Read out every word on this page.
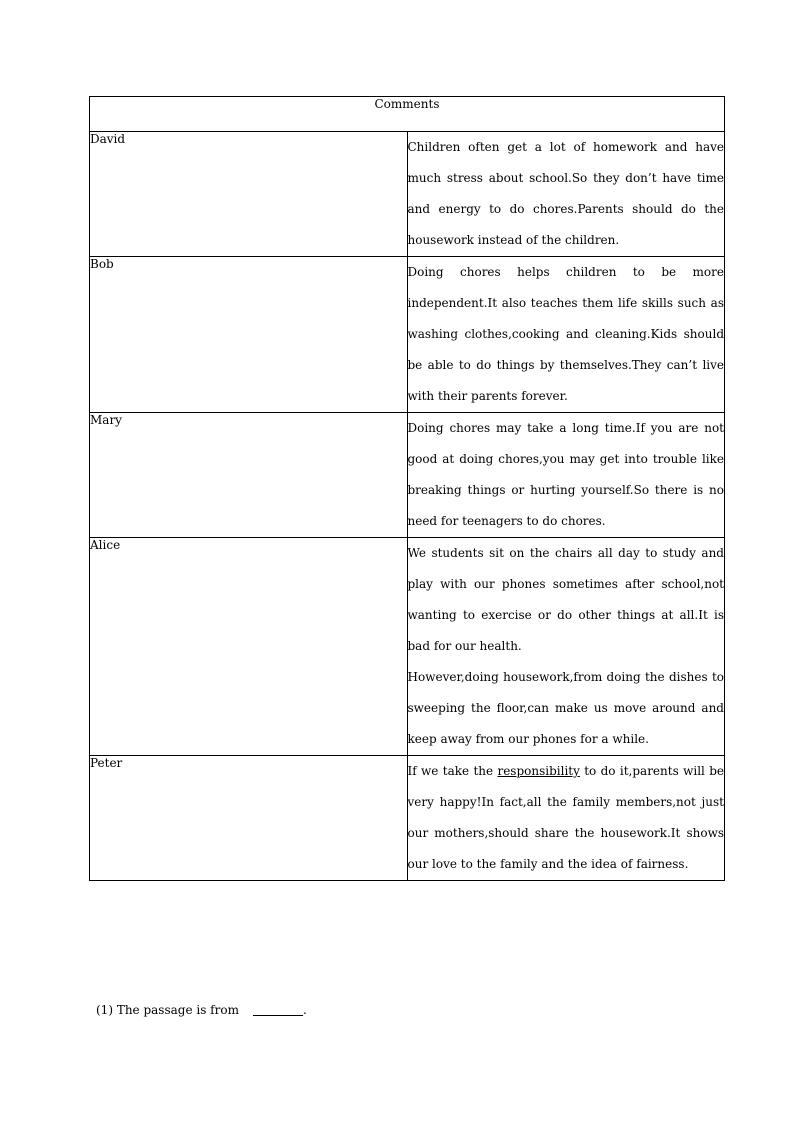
Comments	
David	Children often get a lot of homework and have much stress about school.So they don’t have time and energy to do chores.Parents should do the housework instead of the children.

Bob	Doing chores helps children to be more independent.It also teaches them life skills such as washing clothes,cooking and cleaning.Kids should be able to do things by themselves.They can’t live with their parents forever.

Mary	Doing chores may take a long time.If you are not good at doing chores,you may get into trouble like breaking things or hurting yourself.So there is no need for teenagers to do chores.

Alice	We students sit on the chairs all day to study and play with our phones sometimes after school,not wanting to exercise or do other things at all.It is bad for our health.
However,doing housework,from doing the dishes to sweeping the floor,can make us move around and keep away from our phones for a while.

Peter	If we take the responsibility to do it,parents will be very happy!In fact,all the family members,not just our mothers,should share the housework.It shows our love to the family and the idea of fairness.
(1) The passage is from	.
